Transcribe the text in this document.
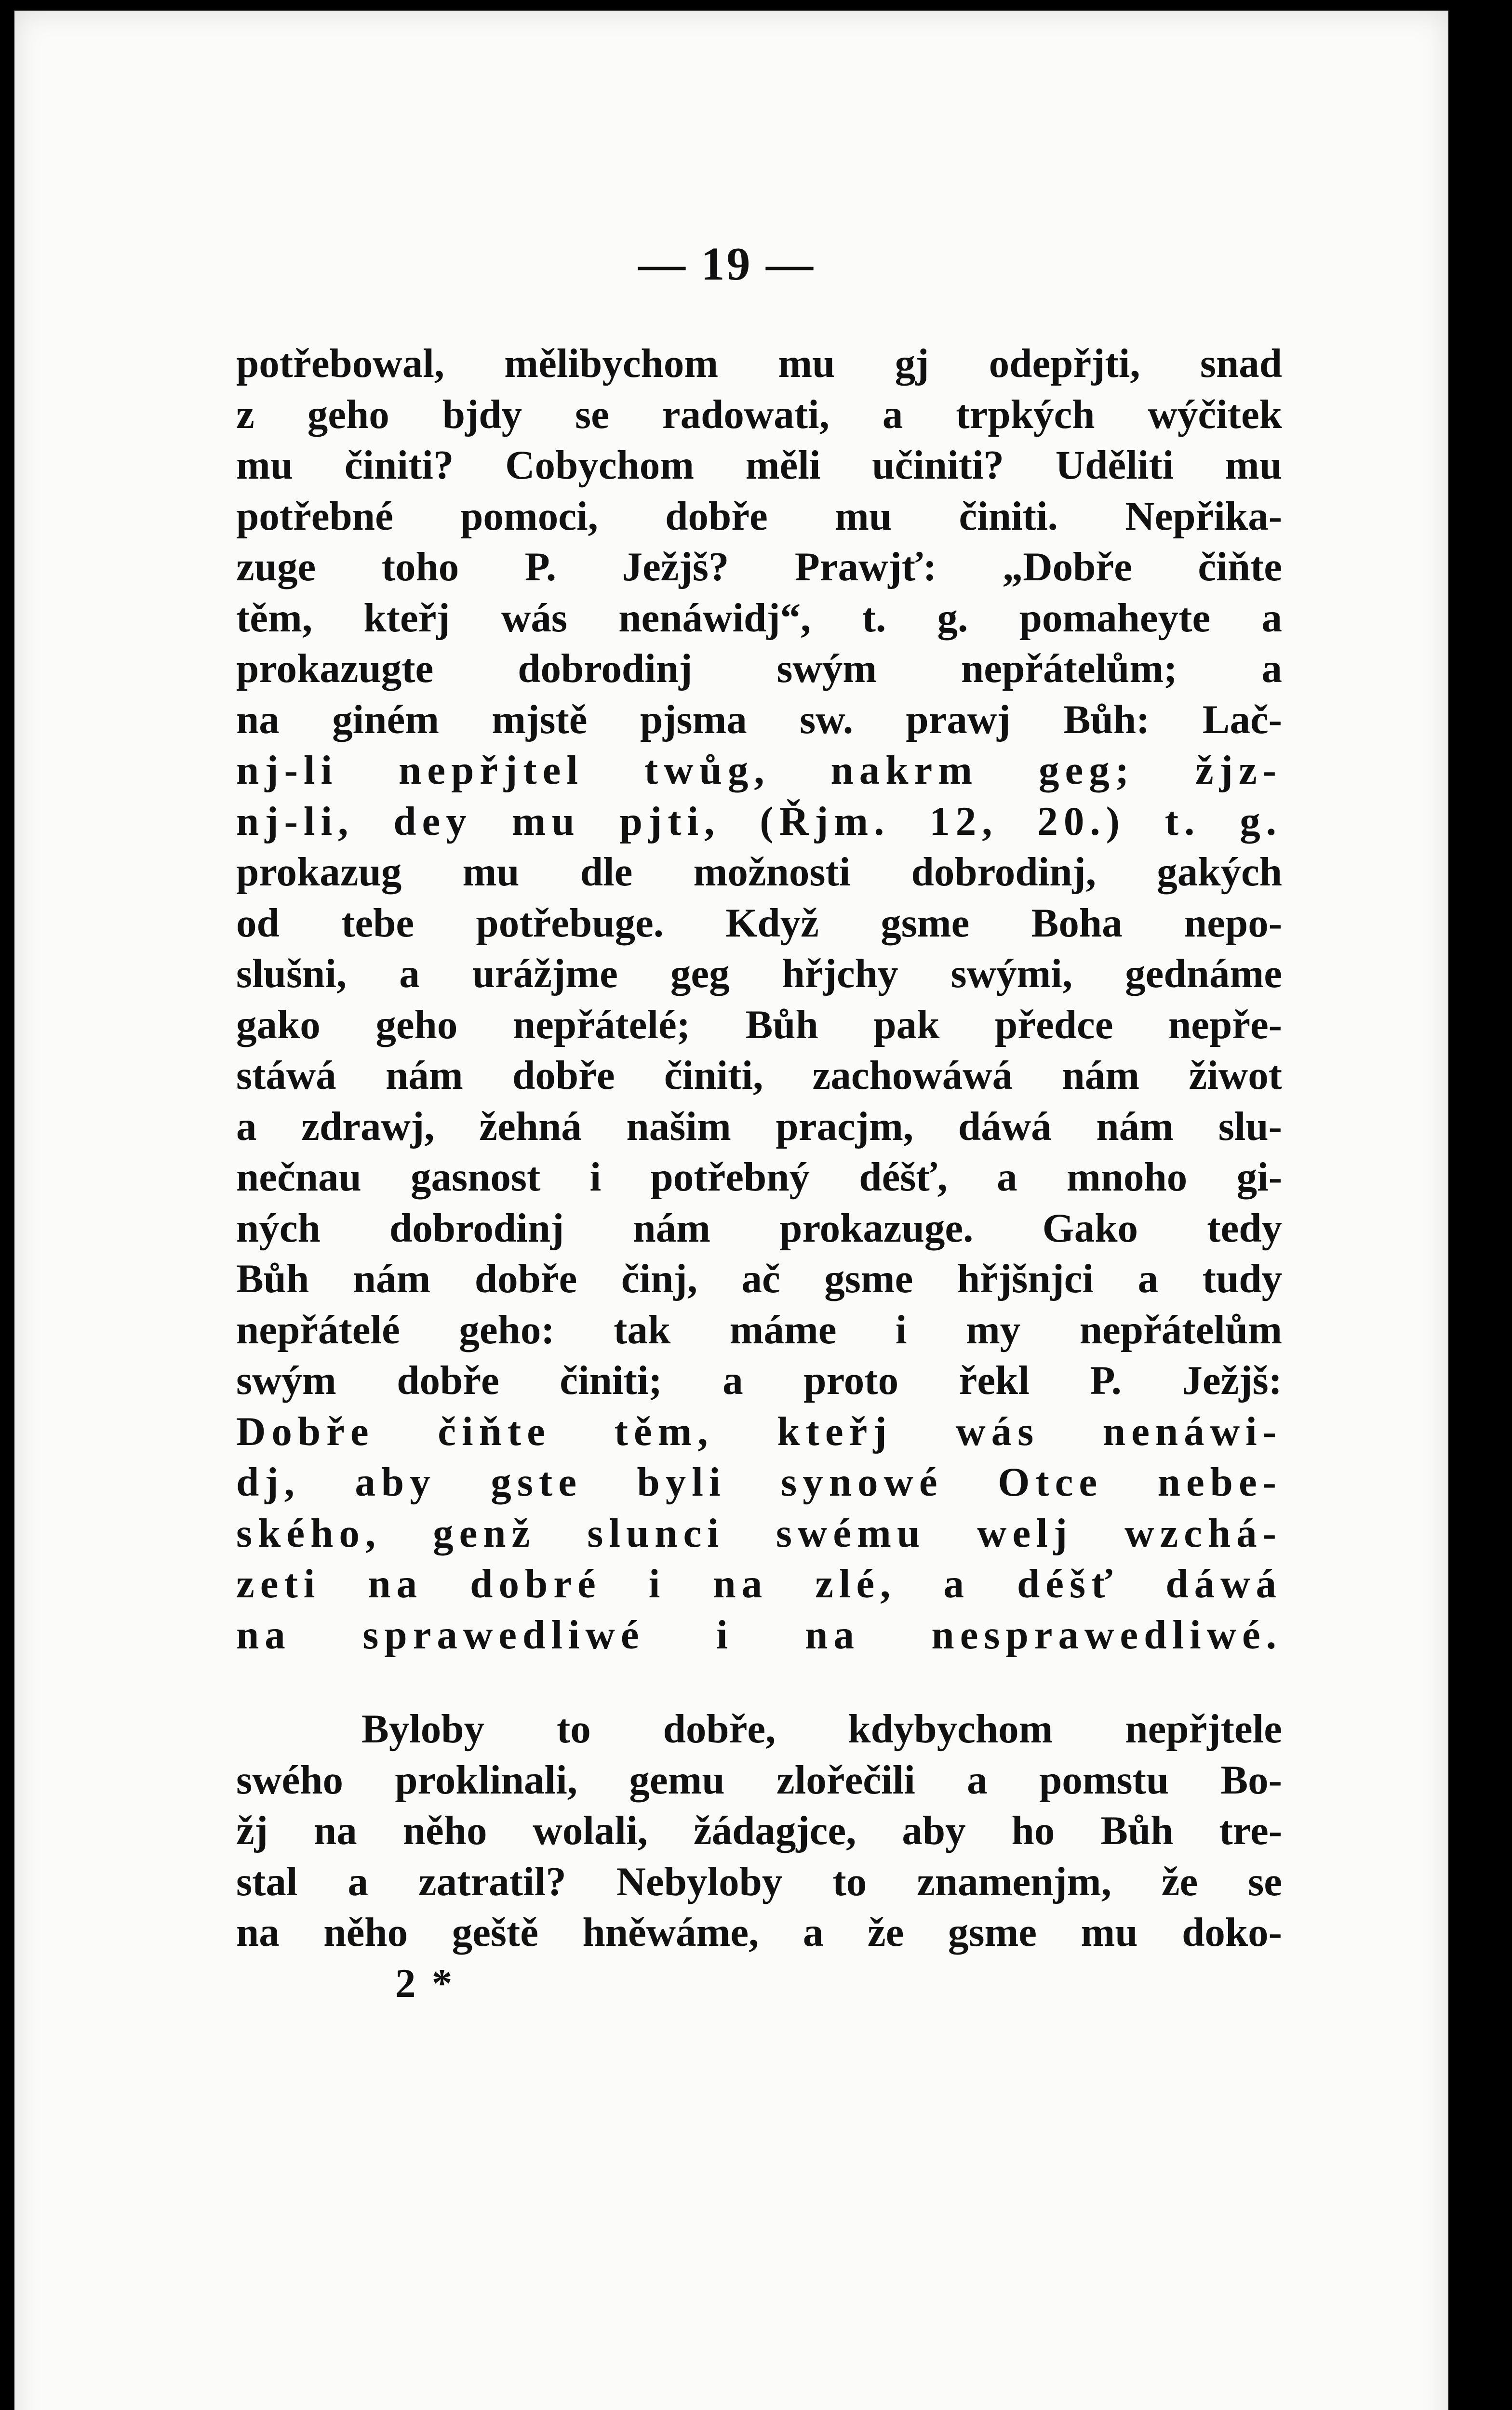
— 19 —
potřebowal, mělibychom mu gj odepřjti, snad
z geho bjdy se radowati, a trpkých wýčitek
mu činiti? Cobychom měli učiniti? Uděliti mu
potřebné pomoci, dobře mu činiti. Nepřika-
zuge toho P. Ježjš? Prawjť: „Dobře čiňte
těm, kteřj wás nenáwidj“, t. g. pomaheyte a
prokazugte dobrodinj swým nepřátelům; a
na giném mjstě pjsma sw. prawj Bůh: Lač-
nj-li nepřjtel twůg, nakrm geg; žjz-
nj-li, dey mu pjti, (Řjm. 12, 20.) t. g.
prokazug mu dle možnosti dobrodinj, gakých
od tebe potřebuge. Když gsme Boha nepo-
slušni, a urážjme geg hřjchy swými, gednáme
gako geho nepřátelé; Bůh pak předce nepře-
stáwá nám dobře činiti, zachowáwá nám žiwot
a zdrawj, žehná našim pracjm, dáwá nám slu-
nečnau gasnost i potřebný déšť, a mnoho gi-
ných dobrodinj nám prokazuge. Gako tedy
Bůh nám dobře činj, ač gsme hřjšnjci a tudy
nepřátelé geho: tak máme i my nepřátelům
swým dobře činiti; a proto řekl P. Ježjš:
Dobře čiňte těm, kteřj wás nenáwi-
dj, aby gste byli synowé Otce nebe-
ského, genž slunci swému welj wzchá-
zeti na dobré i na zlé, a déšť dáwá
na sprawedliwé i na nesprawedliwé.
Byloby to dobře, kdybychom nepřjtele
swého proklinali, gemu zlořečili a pomstu Bo-
žj na něho wolali, žádagjce, aby ho Bůh tre-
stal a zatratil? Nebyloby to znamenjm, že se
na něho geště hněwáme, a že gsme mu doko-
2 *
